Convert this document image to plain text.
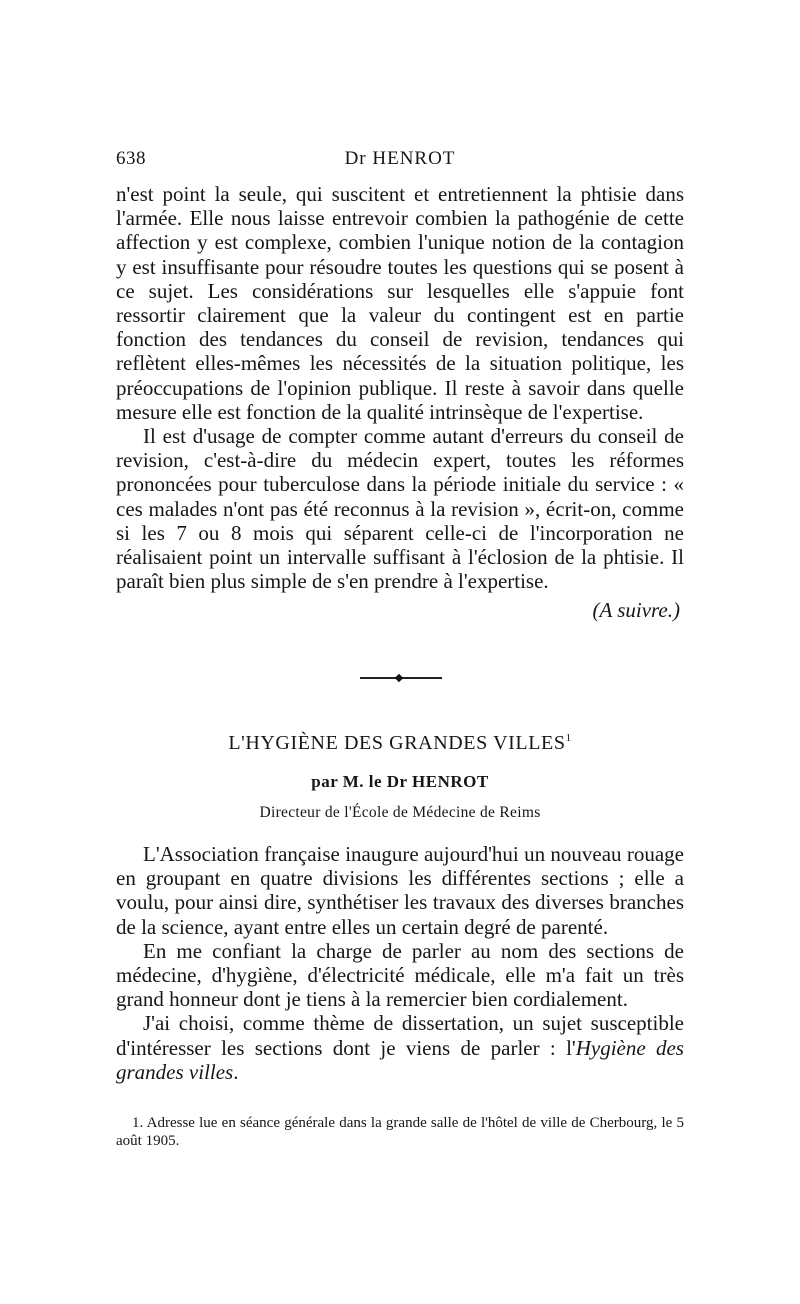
638	Dr HENROT

n'est point la seule, qui suscitent et entretiennent la phtisie dans l'armée. Elle nous laisse entrevoir combien la pathogénie de cette affection y est complexe, combien l'unique notion de la contagion y est insuffisante pour résoudre toutes les questions qui se posent à ce sujet. Les considérations sur lesquelles elle s'appuie font ressortir clairement que la valeur du contingent est en partie fonction des tendances du conseil de revision, tendances qui reflètent elles-mêmes les nécessités de la situation politique, les préoccupations de l'opinion publique. Il reste à savoir dans quelle mesure elle est fonction de la qualité intrinsèque de l'expertise.

Il est d'usage de compter comme autant d'erreurs du conseil de revision, c'est-à-dire du médecin expert, toutes les réformes prononcées pour tuberculose dans la période initiale du service : « ces malades n'ont pas été reconnus à la revision », écrit-on, comme si les 7 ou 8 mois qui séparent celle-ci de l'incorporation ne réalisaient point un intervalle suffisant à l'éclosion de la phtisie. Il paraît bien plus simple de s'en prendre à l'expertise.

(A suivre.)

L'HYGIÈNE DES GRANDES VILLES$^1$
par M. le Dr HENROT
Directeur de l'École de Médecine de Reims

L'Association française inaugure aujourd'hui un nouveau rouage en groupant en quatre divisions les différentes sections ; elle a voulu, pour ainsi dire, synthétiser les travaux des diverses branches de la science, ayant entre elles un certain degré de parenté.

En me confiant la charge de parler au nom des sections de médecine, d'hygiène, d'électricité médicale, elle m'a fait un très grand honneur dont je tiens à la remercier bien cordialement.

J'ai choisi, comme thème de dissertation, un sujet susceptible d'intéresser les sections dont je viens de parler : l'Hygiène des grandes villes.

1. Adresse lue en séance générale dans la grande salle de l'hôtel de ville de Cherbourg, le 5 août 1905.
